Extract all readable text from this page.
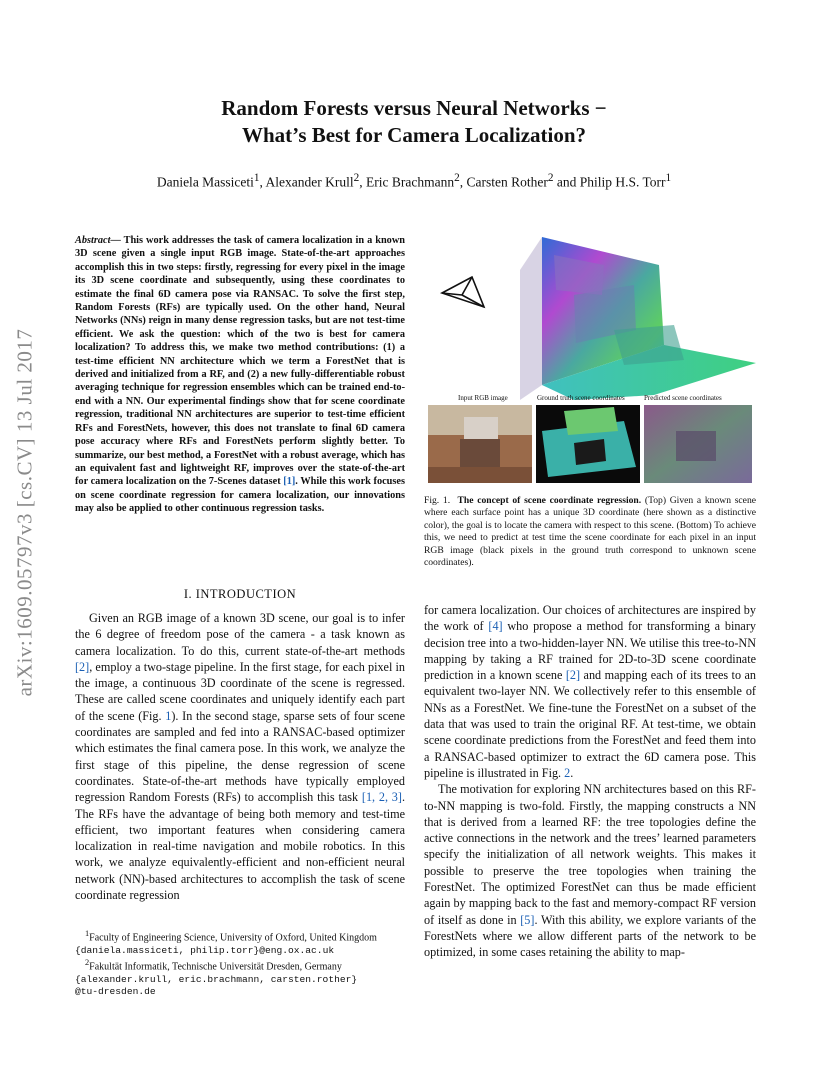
Random Forests versus Neural Networks −
What’s Best for Camera Localization?
Daniela Massiceti$^1$, Alexander Krull$^2$, Eric Brachmann$^2$, Carsten Rother$^2$ and Philip H.S. Torr$^1$
arXiv:1609.05797v3 [cs.CV] 13 Jul 2017
Abstract— This work addresses the task of camera localization in a known 3D scene given a single input RGB image. State-of-the-art approaches accomplish this in two steps: firstly, regressing for every pixel in the image its 3D scene coordinate and subsequently, using these coordinates to estimate the final 6D camera pose via RANSAC. To solve the first step, Random Forests (RFs) are typically used. On the other hand, Neural Networks (NNs) reign in many dense regression tasks, but are not test-time efficient. We ask the question: which of the two is best for camera localization? To address this, we make two method contributions: (1) a test-time efficient NN architecture which we term a ForestNet that is derived and initialized from a RF, and (2) a new fully-differentiable robust averaging technique for regression ensembles which can be trained end-to-end with a NN. Our experimental findings show that for scene coordinate regression, traditional NN architectures are superior to test-time efficient RFs and ForestNets, however, this does not translate to final 6D camera pose accuracy where RFs and ForestNets perform slightly better. To summarize, our best method, a ForestNet with a robust average, which has an equivalent fast and lightweight RF, improves over the state-of-the-art for camera localization on the 7-Scenes dataset [1]. While this work focuses on scene coordinate regression for camera localization, our innovations may also be applied to other continuous regression tasks.
Input RGB image	Ground truth scene coordinates	Predicted scene coordinates
Fig. 1. The concept of scene coordinate regression. (Top) Given a known scene where each surface point has a unique 3D coordinate (here shown as a distinctive color), the goal is to locate the camera with respect to this scene. (Bottom) To achieve this, we need to predict at test time the scene coordinate for each pixel in an input RGB image (black pixels in the ground truth correspond to unknown scene coordinates).
I. INTRODUCTION

Given an RGB image of a known 3D scene, our goal is to infer the 6 degree of freedom pose of the camera - a task known as camera localization. To do this, current state-of-the-art methods [2], employ a two-stage pipeline. In the first stage, for each pixel in the image, a continuous 3D coordinate of the scene is regressed. These are called scene coordinates and uniquely identify each part of the scene (Fig. 1). In the second stage, sparse sets of four scene coordinates are sampled and fed into a RANSAC-based optimizer which estimates the final camera pose. In this work, we analyze the first stage of this pipeline, the dense regression of scene coordinates. State-of-the-art methods have typically employed regression Random Forests (RFs) to accomplish this task [1, 2, 3]. The RFs have the advantage of being both memory and test-time efficient, two important features when considering camera localization in real-time navigation and mobile robotics. In this work, we analyze equivalently-efficient and non-efficient neural network (NN)-based architectures to accomplish the task of scene coordinate regression

$^1$Faculty of Engineering Science, University of Oxford, United Kingdom
{daniela.massiceti, philip.torr}@eng.ox.ac.uk
$^2$Fakultät Informatik, Technische Universität Dresden, Germany
{alexander.krull, eric.brachmann, carsten.rother}
@tu-dresden.de

for camera localization. Our choices of architectures are inspired by the work of [4] who propose a method for transforming a binary decision tree into a two-hidden-layer NN. We utilise this tree-to-NN mapping by taking a RF trained for 2D-to-3D scene coordinate prediction in a known scene [2] and mapping each of its trees to an equivalent two-layer NN. We collectively refer to this ensemble of NNs as a ForestNet. We fine-tune the ForestNet on a subset of the data that was used to train the original RF. At test-time, we obtain scene coordinate predictions from the ForestNet and feed them into a RANSAC-based optimizer to extract the 6D camera pose. This pipeline is illustrated in Fig. 2.

The motivation for exploring NN architectures based on this RF-to-NN mapping is two-fold. Firstly, the mapping constructs a NN that is derived from a learned RF: the tree topologies define the active connections in the network and the trees’ learned parameters specify the initialization of all network weights. This makes it possible to preserve the tree topologies when training the ForestNet. The optimized ForestNet can thus be made efficient again by mapping back to the fast and memory-compact RF version of itself as done in [5]. With this ability, we explore variants of the ForestNets where we allow different parts of the network to be optimized, in some cases retaining the ability to map-
